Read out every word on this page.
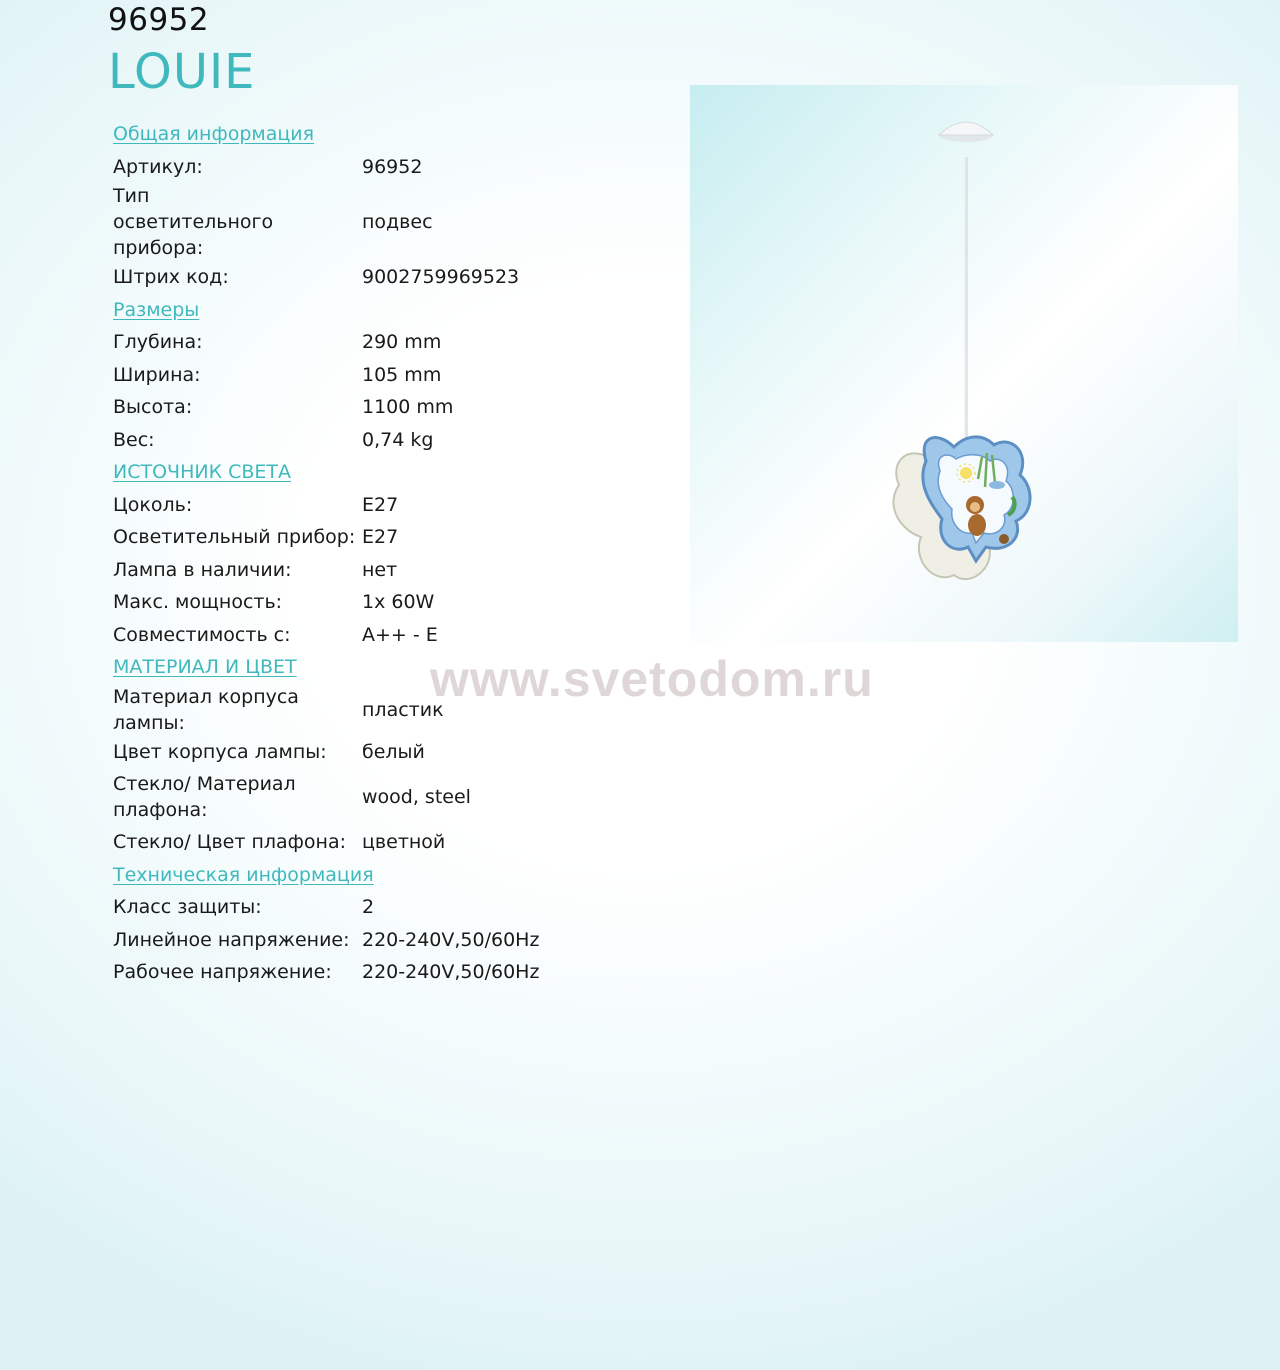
96952
LOUIE
Общая информация
Артикул:	96952
Тип осветительного прибора:
подвес
Штрих код:	9002759969523
Размеры
Глубина:	290 mm
Ширина:	105 mm
Высота:	1100 mm
Вес:	0,74 kg
ИСТОЧНИК СВЕТА
Цоколь:	E27
Осветительный прибор: E27
Лампа в наличии:	нет
Макс. мощность:	1x 60W
Совместимость с:	A++ - E
МАТЕРИАЛ И ЦВЕТ
Материал корпуса лампы:
пластик
Цвет корпуса лампы:	белый
Стекло/ Материал плафона:
wood, steel
Стекло/ Цвет плафона: цветной
Техническая информация
Класс защиты:	2
Линейное напряжение: 220-240V,50/60Hz
Рабочее напряжение:	220-240V,50/60Hz
www.svetodom.ru
